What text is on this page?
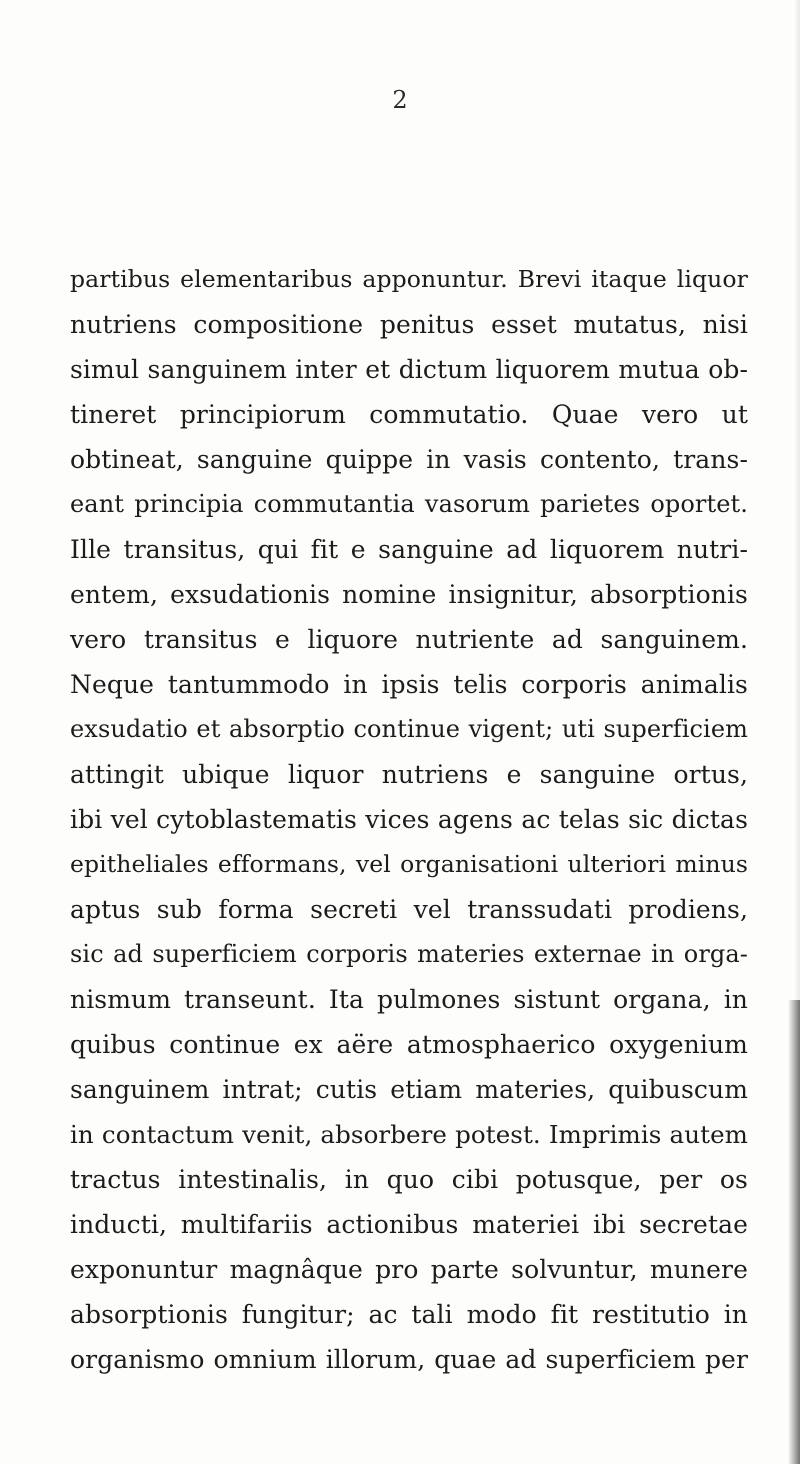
2
partibus elementaribus apponuntur. Brevi itaque liquor
nutriens compositione penitus esset mutatus, nisi
simul sanguinem inter et dictum liquorem mutua ob-
tineret principiorum commutatio. Quae vero ut
obtineat, sanguine quippe in vasis contento, trans-
eant principia commutantia vasorum parietes oportet.
Ille transitus, qui fit e sanguine ad liquorem nutri-
entem, exsudationis nomine insignitur, absorptionis
vero transitus e liquore nutriente ad sanguinem.
Neque tantummodo in ipsis telis corporis animalis
exsudatio et absorptio continue vigent; uti superficiem
attingit ubique liquor nutriens e sanguine ortus,
ibi vel cytoblastematis vices agens ac telas sic dictas
epitheliales efformans, vel organisationi ulteriori minus
aptus sub forma secreti vel transsudati prodiens,
sic ad superficiem corporis materies externae in orga-
nismum transeunt. Ita pulmones sistunt organa, in
quibus continue ex aëre atmosphaerico oxygenium
sanguinem intrat; cutis etiam materies, quibuscum
in contactum venit, absorbere potest. Imprimis autem
tractus intestinalis, in quo cibi potusque, per os
inducti, multifariis actionibus materiei ibi secretae
exponuntur magnâque pro parte solvuntur, munere
absorptionis fungitur; ac tali modo fit restitutio in
organismo omnium illorum, quae ad superficiem per
